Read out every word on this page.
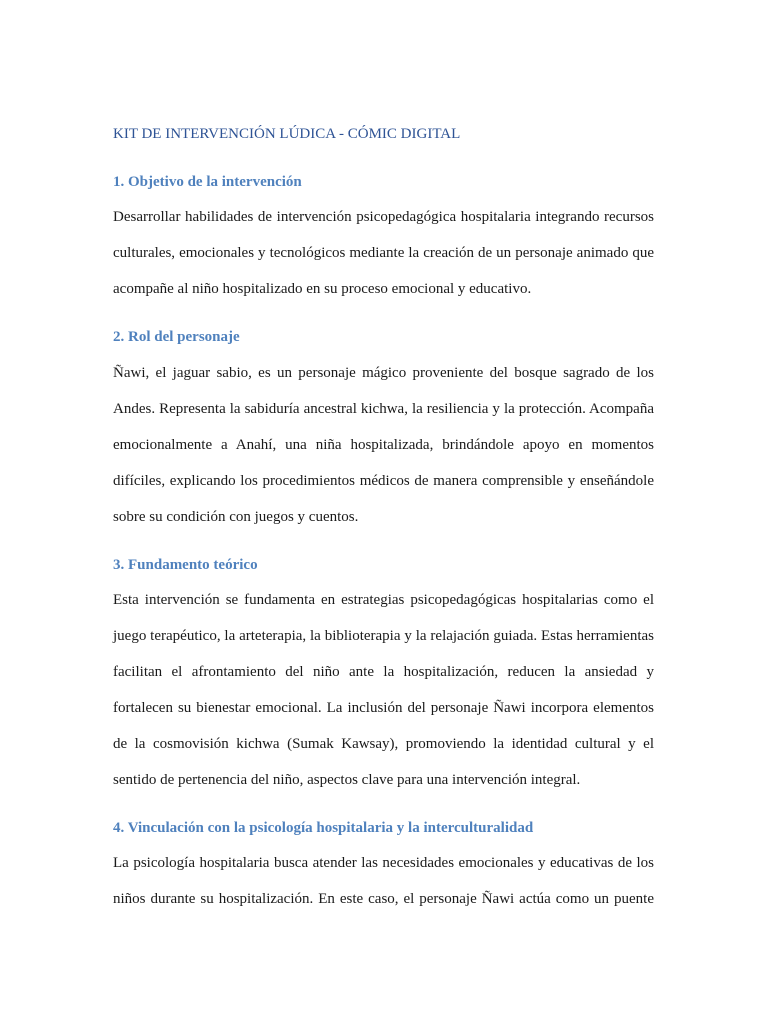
KIT DE INTERVENCIÓN LÚDICA - CÓMIC DIGITAL
1. Objetivo de la intervención
Desarrollar habilidades de intervención psicopedagógica hospitalaria integrando recursos
culturales, emocionales y tecnológicos mediante la creación de un personaje animado que
acompañe al niño hospitalizado en su proceso emocional y educativo.
2. Rol del personaje
Ñawi, el jaguar sabio, es un personaje mágico proveniente del bosque sagrado de los
Andes. Representa la sabiduría ancestral kichwa, la resiliencia y la protección. Acompaña
emocionalmente a Anahí, una niña hospitalizada, brindándole apoyo en momentos
difíciles, explicando los procedimientos médicos de manera comprensible y enseñándole
sobre su condición con juegos y cuentos.
3. Fundamento teórico
Esta intervención se fundamenta en estrategias psicopedagógicas hospitalarias como el
juego terapéutico, la arteterapia, la biblioterapia y la relajación guiada. Estas herramientas
facilitan el afrontamiento del niño ante la hospitalización, reducen la ansiedad y
fortalecen su bienestar emocional. La inclusión del personaje Ñawi incorpora elementos
de la cosmovisión kichwa (Sumak Kawsay), promoviendo la identidad cultural y el
sentido de pertenencia del niño, aspectos clave para una intervención integral.
4. Vinculación con la psicología hospitalaria y la interculturalidad
La psicología hospitalaria busca atender las necesidades emocionales y educativas de los
niños durante su hospitalización. En este caso, el personaje Ñawi actúa como un puente
